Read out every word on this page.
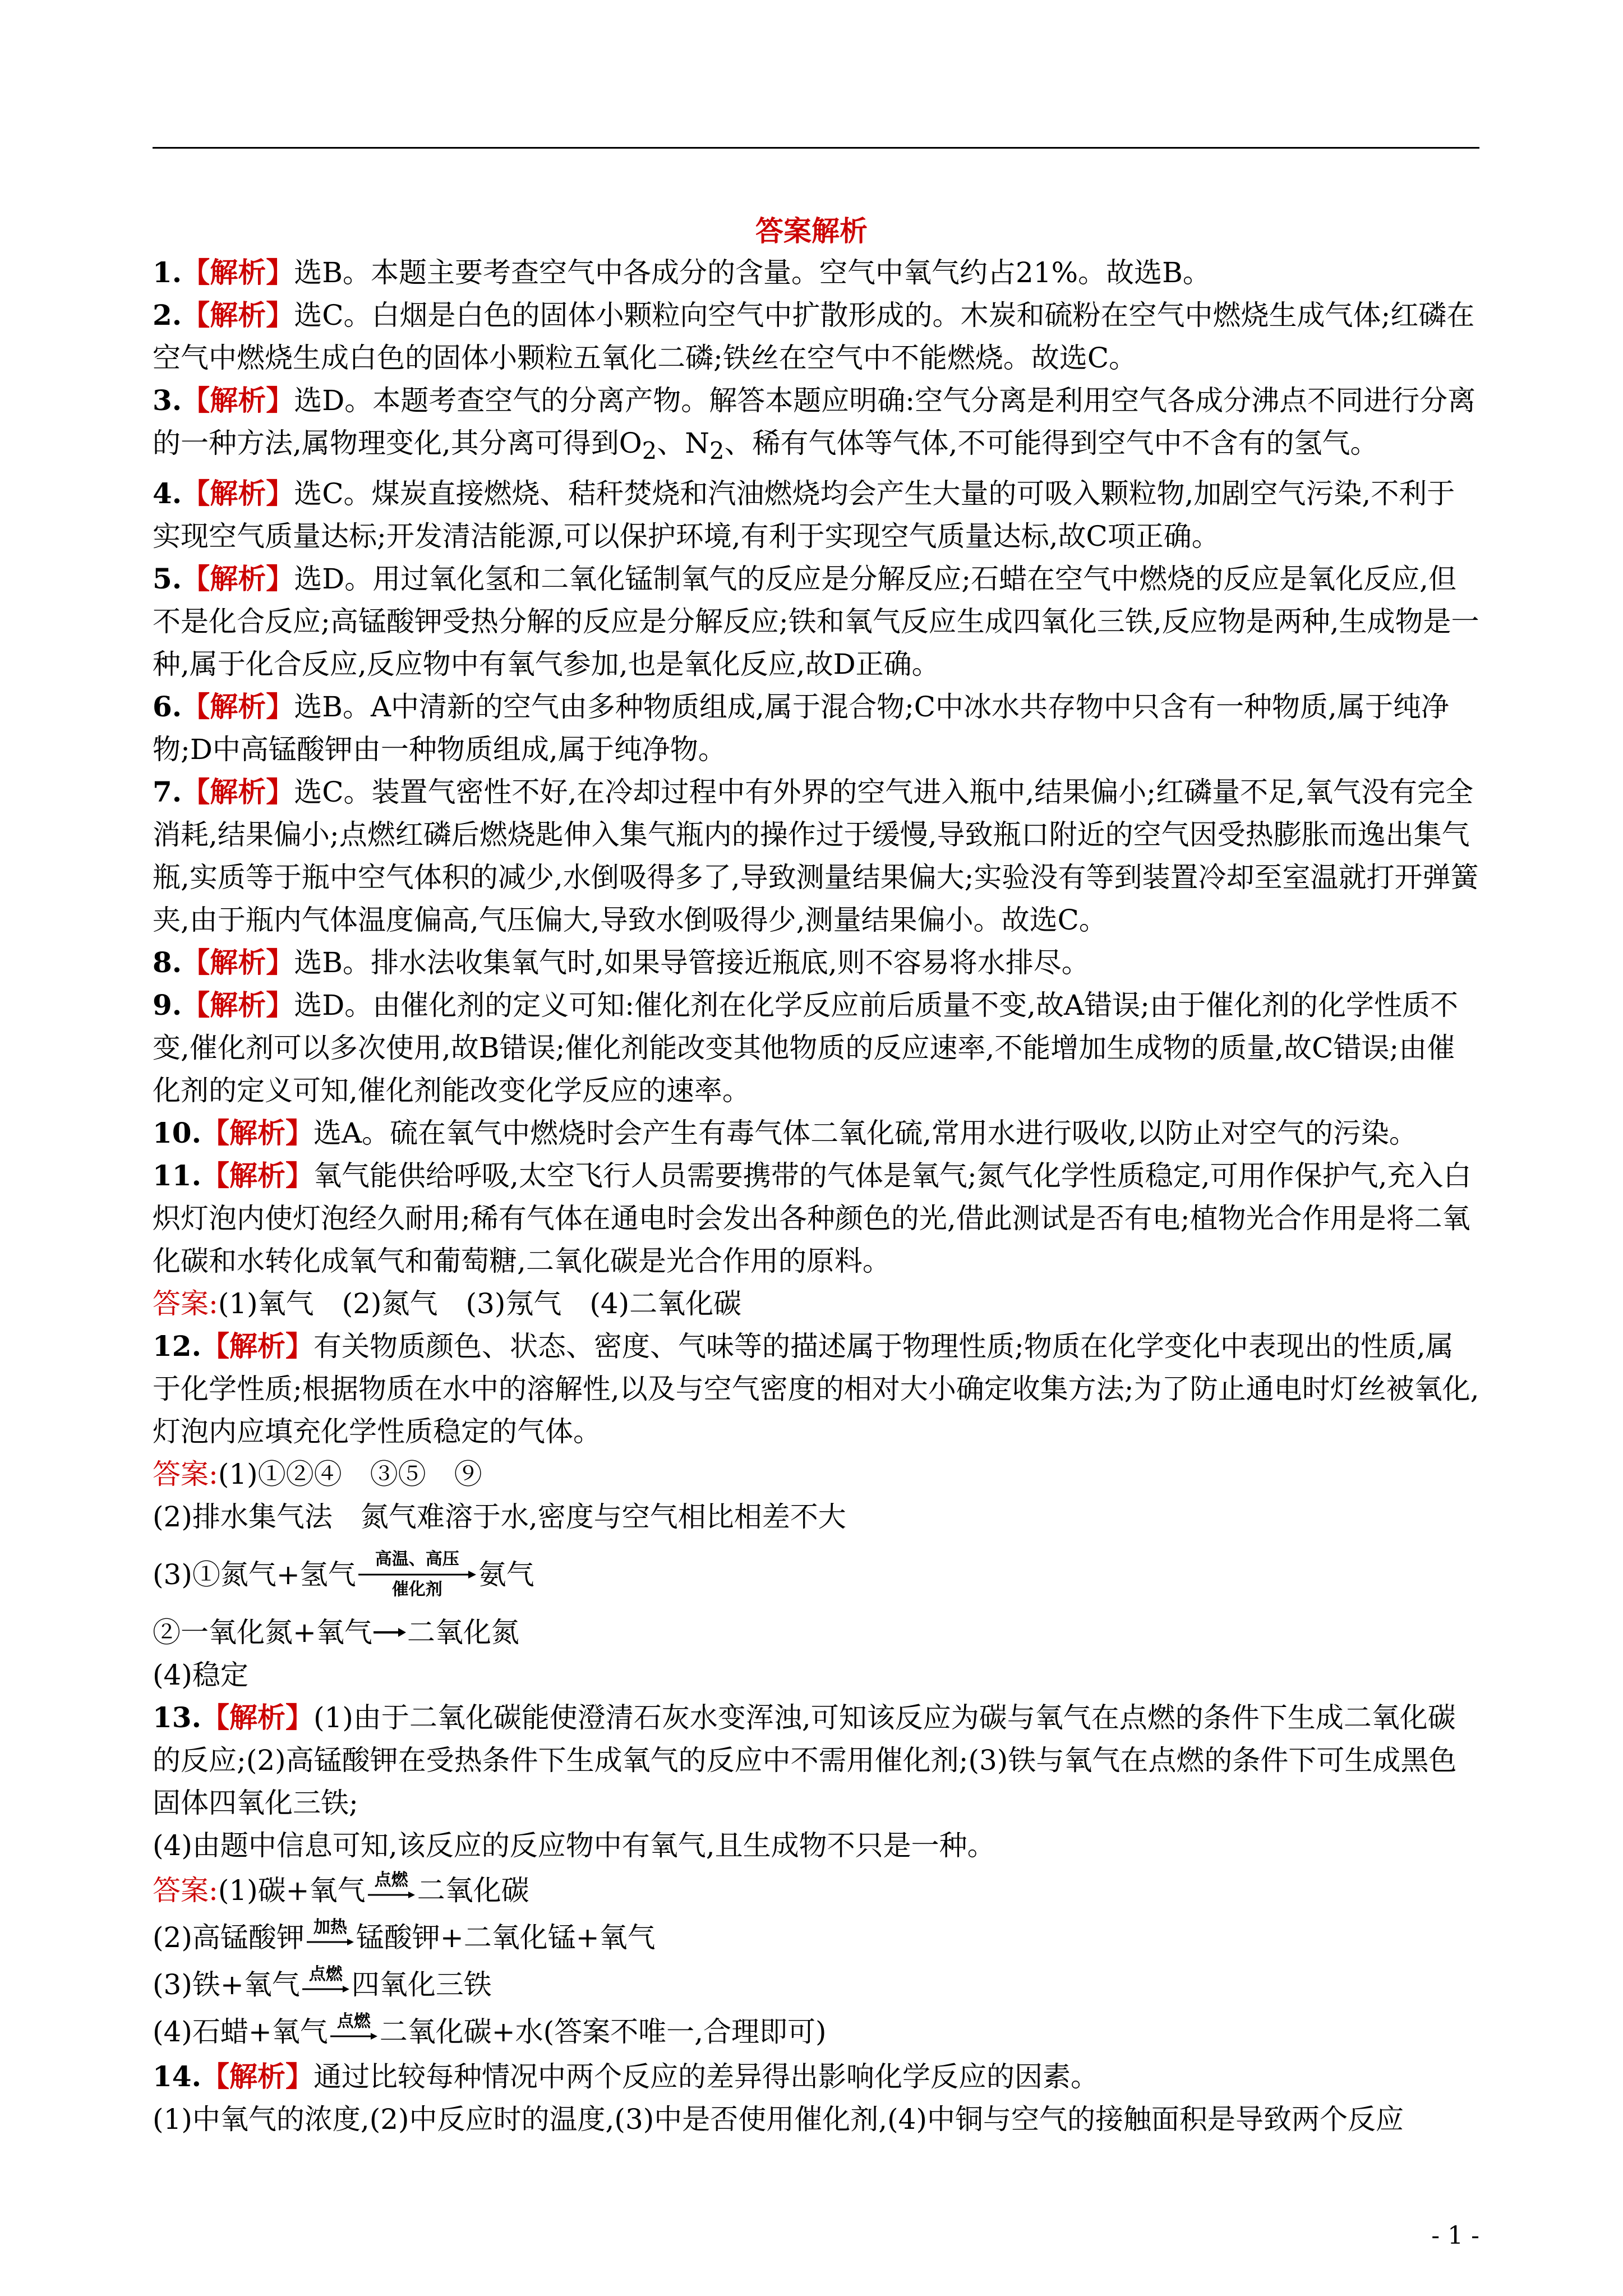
答案解析

1.【解析】选B。本题主要考查空气中各成分的含量。空气中氧气约占21%。故选B。

2.【解析】选C。白烟是白色的固体小颗粒向空气中扩散形成的。木炭和硫粉在空气中燃烧生成气体;红磷在空气中燃烧生成白色的固体小颗粒五氧化二磷;铁丝在空气中不能燃烧。故选C。

3.【解析】选D。本题考查空气的分离产物。解答本题应明确:空气分离是利用空气各成分沸点不同进行分离的一种方法,属物理变化,其分离可得到$O_2$、$N_2$、稀有气体等气体,不可能得到空气中不含有的氢气。

4.【解析】选C。煤炭直接燃烧、秸秆焚烧和汽油燃烧均会产生大量的可吸入颗粒物,加剧空气污染,不利于实现空气质量达标;开发清洁能源,可以保护环境,有利于实现空气质量达标,故C项正确。

5.【解析】选D。用过氧化氢和二氧化锰制氧气的反应是分解反应;石蜡在空气中燃烧的反应是氧化反应,但不是化合反应;高锰酸钾受热分解的反应是分解反应;铁和氧气反应生成四氧化三铁,反应物是两种,生成物是一种,属于化合反应,反应物中有氧气参加,也是氧化反应,故D正确。

6.【解析】选B。A中清新的空气由多种物质组成,属于混合物;C中冰水共存物中只含有一种物质,属于纯净物;D中高锰酸钾由一种物质组成,属于纯净物。

7.【解析】选C。装置气密性不好,在冷却过程中有外界的空气进入瓶中,结果偏小;红磷量不足,氧气没有完全消耗,结果偏小;点燃红磷后燃烧匙伸入集气瓶内的操作过于缓慢,导致瓶口附近的空气因受热膨胀而逸出集气瓶,实质等于瓶中空气体积的减少,水倒吸得多了,导致测量结果偏大;实验没有等到装置冷却至室温就打开弹簧夹,由于瓶内气体温度偏高,气压偏大,导致水倒吸得少,测量结果偏小。故选C。

8.【解析】选B。排水法收集氧气时,如果导管接近瓶底,则不容易将水排尽。

9.【解析】选D。由催化剂的定义可知:催化剂在化学反应前后质量不变,故A错误;由于催化剂的化学性质不变,催化剂可以多次使用,故B错误;催化剂能改变其他物质的反应速率,不能增加生成物的质量,故C错误;由催化剂的定义可知,催化剂能改变化学反应的速率。

10.【解析】选A。硫在氧气中燃烧时会产生有毒气体二氧化硫,常用水进行吸收,以防止对空气的污染。

11.【解析】氧气能供给呼吸,太空飞行人员需要携带的气体是氧气;氮气化学性质稳定,可用作保护气,充入白炽灯泡内使灯泡经久耐用;稀有气体在通电时会发出各种颜色的光,借此测试是否有电;植物光合作用是将二氧化碳和水转化成氧气和葡萄糖,二氧化碳是光合作用的原料。

答案:(1)氧气　(2)氮气　(3)氖气　(4)二氧化碳

12.【解析】有关物质颜色、状态、密度、气味等的描述属于物理性质;物质在化学变化中表现出的性质,属于化学性质;根据物质在水中的溶解性,以及与空气密度的相对大小确定收集方法;为了防止通电时灯丝被氧化,灯泡内应填充化学性质稳定的气体。

答案:(1)①②④　③⑤　⑨

(2)排水集气法　氮气难溶于水,密度与空气相比相差不大

(3)①氮气+氢气 高温、高压
催化剂 氨气
②一氧化氮+氧气 二氧化氮

(4)稳定

13.【解析】(1)由于二氧化碳能使澄清石灰水变浑浊,可知该反应为碳与氧气在点燃的条件下生成二氧化碳的反应;(2)高锰酸钾在受热条件下生成氧气的反应中不需用催化剂;(3)铁与氧气在点燃的条件下可生成黑色固体四氧化三铁;

(4)由题中信息可知,该反应的反应物中有氧气,且生成物不只是一种。

答案: (1)碳+氧气 点燃 二氧化碳
(2)高锰酸钾 加热 锰酸钾+二氧化锰+氧气
(3)铁+氧气 点燃 四氧化三铁
(4)石蜡+氧气 点燃 二氧化碳+水(答案不唯一,合理即可)

14.【解析】通过比较每种情况中两个反应的差异得出影响化学反应的因素。

(1)中氧气的浓度,(2)中反应时的温度,(3)中是否使用催化剂,(4)中铜与空气的接触面积是导致两个反应

- 1 -
